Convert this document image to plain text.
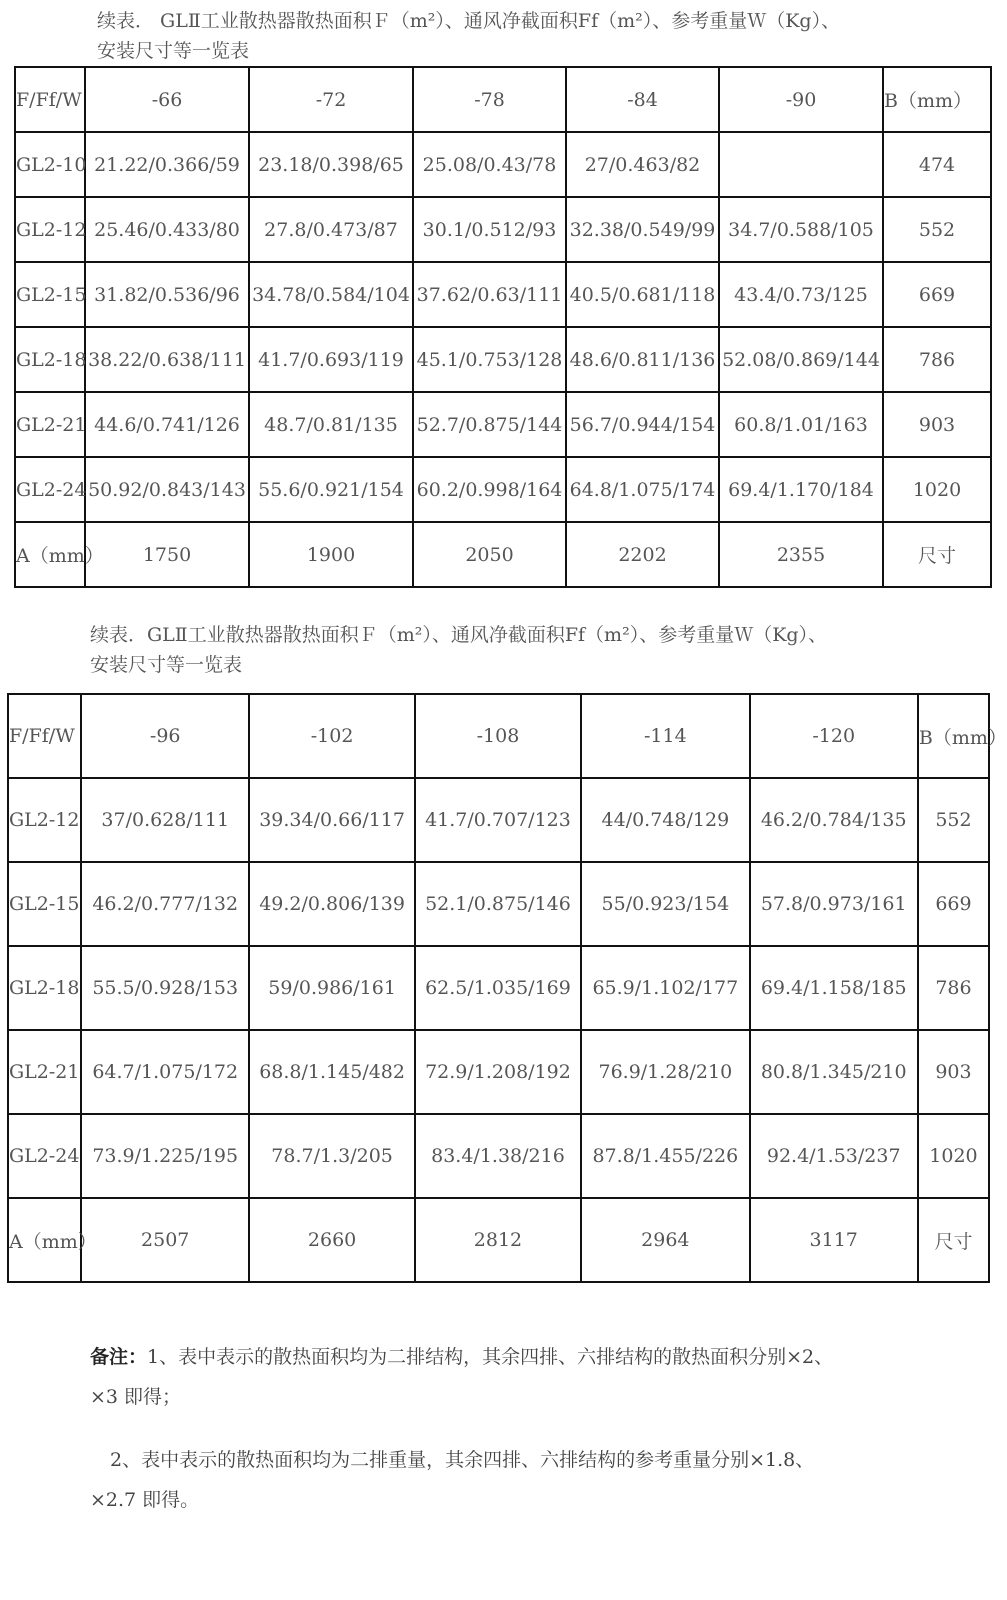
续表． GLⅡ工业散热器散热面积Ｆ（m²）、通风净截面积Ff（m²）、参考重量Ｗ（Kg）、
安装尺寸等一览表
F/Ff/W	-66	-72	-78	-84	-90	B（mm）
GL2-10	21.22/0.366/59	23.18/0.398/65	25.08/0.43/78	27/0.463/82		474
GL2-12	25.46/0.433/80	27.8/0.473/87	30.1/0.512/93	32.38/0.549/99	34.7/0.588/105	552
GL2-15	31.82/0.536/96	34.78/0.584/104	37.62/0.63/111	40.5/0.681/118	43.4/0.73/125	669
GL2-18	38.22/0.638/111	41.7/0.693/119	45.1/0.753/128	48.6/0.811/136	52.08/0.869/144	786
GL2-21	44.6/0.741/126	48.7/0.81/135	52.7/0.875/144	56.7/0.944/154	60.8/1.01/163	903
GL2-24	50.92/0.843/143	55.6/0.921/154	60.2/0.998/164	64.8/1.075/174	69.4/1.170/184	1020
A（mm）	1750	1900	2050	2202	2355	尺寸
续表．GLⅡ工业散热器散热面积Ｆ（m²）、通风净截面积Ff（m²）、参考重量Ｗ（Kg）、
安装尺寸等一览表
F/Ff/W	-96	-102	-108	-114	-120	B（mm）
GL2-12	37/0.628/111	39.34/0.66/117	41.7/0.707/123	44/0.748/129	46.2/0.784/135	552
GL2-15	46.2/0.777/132	49.2/0.806/139	52.1/0.875/146	55/0.923/154	57.8/0.973/161	669
GL2-18	55.5/0.928/153	59/0.986/161	62.5/1.035/169	65.9/1.102/177	69.4/1.158/185	786
GL2-21	64.7/1.075/172	68.8/1.145/482	72.9/1.208/192	76.9/1.28/210	80.8/1.345/210	903
GL2-24	73.9/1.225/195	78.7/1.3/205	83.4/1.38/216	87.8/1.455/226	92.4/1.53/237	1020
A（mm）	2507	2660	2812	2964	3117	尺寸
备注：1、表中表示的散热面积均为二排结构，其余四排、六排结构的散热面积分别×2、
×3 即得；
2、表中表示的散热面积均为二排重量，其余四排、六排结构的参考重量分别×1.8、
×2.7 即得。
